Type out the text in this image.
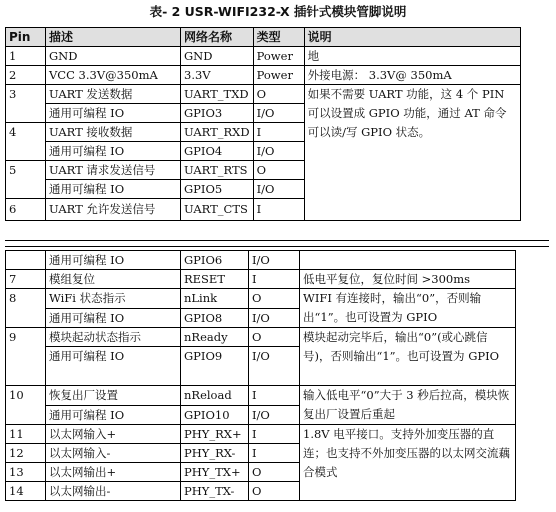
表- 2 USR-WIFI232-X 插针式模块管脚说明
Pin	描述	网络名称	类型	说明
1	GND	GND	Power	地
2	VCC 3.3V@350mA	3.3V	Power	外接电源： 3.3V@ 350mA
3	UART 发送数据	UART_TXD	O	如果不需要 UART 功能，这 4 个 PIN 可以设置成 GPIO 功能，通过 AT 命令可以读/写 GPIO 状态。
	通用可编程 IO	GPIO3	I/O	
4	UART 接收数据	UART_RXD	I	
	通用可编程 IO	GPIO4	I/O	
5	UART 请求发送信号	UART_RTS	O	
	通用可编程 IO	GPIO5	I/O	
6	UART 允许发送信号	UART_CTS	I	
	通用可编程 IO	GPIO6	I/O	
7	模组复位	RESET	I	低电平复位，复位时间 >300ms
8	WiFi 状态指示	nLink	O	WIFI 有连接时，输出“0”，否则输出“1”。也可设置为 GPIO
	通用可编程 IO	GPIO8	I/O	
9	模块起动状态指示	nReady	O	模块起动完毕后，输出“0”(或心跳信号)，否则输出“1”。也可设置为 GPIO
	通用可编程 IO	GPIO9	I/O	
10	恢复出厂设置	nReload	I	输入低电平“0”大于 3 秒后拉高，模块恢复出厂设置后重起
	通用可编程 IO	GPIO10	I/O	
11	以太网输入+	PHY_RX+	I	1.8V 电平接口。支持外加变压器的直连；也支持不外加变压器的以太网交流藕合模式
12	以太网输入-	PHY_RX-	I	
13	以太网输出+	PHY_TX+	O	
14	以太网输出-	PHY_TX-	O	
